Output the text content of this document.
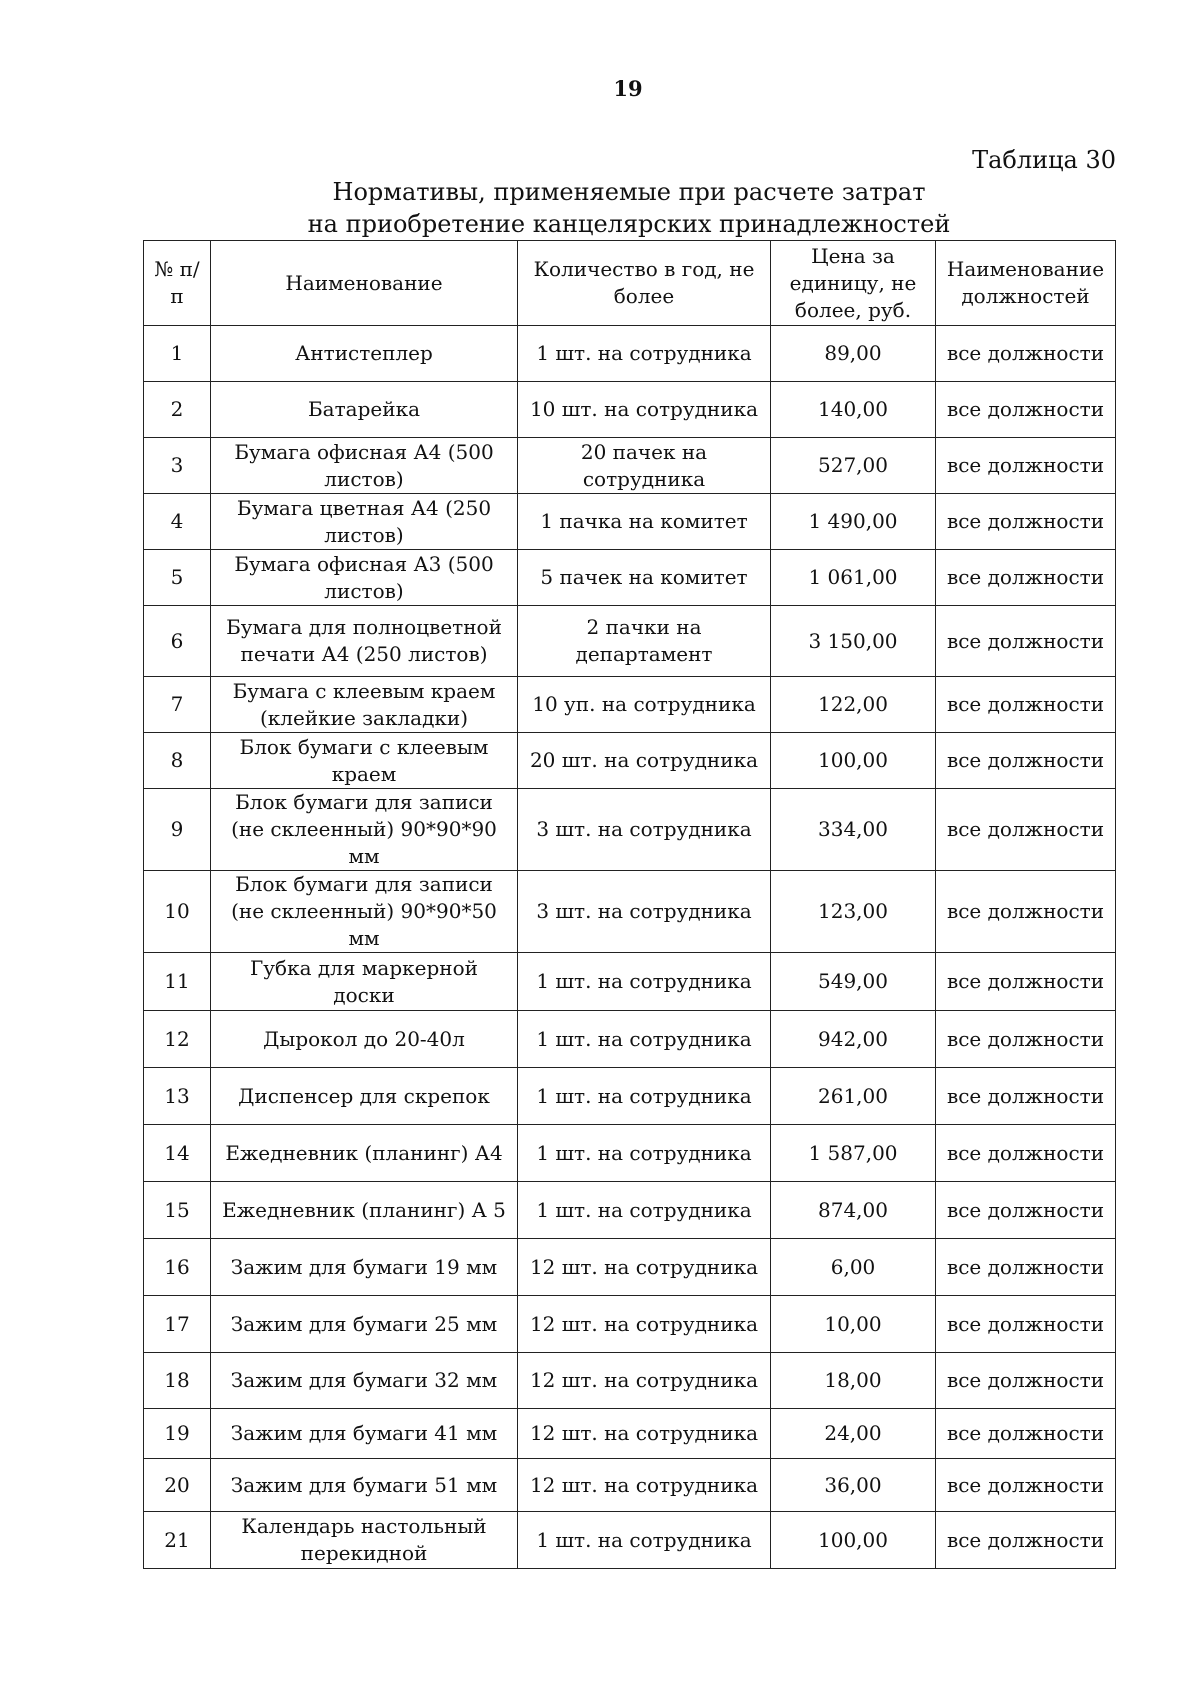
19

Таблица 30

Нормативы, применяемые при расчете затрат
на приобретение канцелярских принадлежностей
№ п/п	Наименование	Количество в год, не более	Цена за единицу, не более, руб.	Наименование должностей
1	Антистеплер	1 шт. на сотрудника	89,00	все должности
2	Батарейка	10 шт. на сотрудника	140,00	все должности
3	Бумага офисная А4 (500 листов)	20 пачек на сотрудника	527,00	все должности
4	Бумага цветная А4 (250 листов)	1 пачка на комитет	1 490,00	все должности
5	Бумага офисная А3 (500 листов)	5 пачек на комитет	1 061,00	все должности
6	Бумага для полноцветной печати А4 (250 листов)	2 пачки на департамент	3 150,00	все должности
7	Бумага с клеевым краем (клейкие закладки)	10 уп. на сотрудника	122,00	все должности
8	Блок бумаги с клеевым краем	20 шт. на сотрудника	100,00	все должности
9	Блок бумаги для записи (не склеенный) 90*90*90 мм	3 шт. на сотрудника	334,00	все должности
10	Блок бумаги для записи (не склеенный) 90*90*50 мм	3 шт. на сотрудника	123,00	все должности
11	Губка для маркерной доски	1 шт. на сотрудника	549,00	все должности
12	Дырокол до 20-40л	1 шт. на сотрудника	942,00	все должности
13	Диспенсер для скрепок	1 шт. на сотрудника	261,00	все должности
14	Ежедневник (планинг) А4	1 шт. на сотрудника	1 587,00	все должности
15	Ежедневник (планинг) А 5	1 шт. на сотрудника	874,00	все должности
16	Зажим для бумаги 19 мм	12 шт. на сотрудника	6,00	все должности
17	Зажим для бумаги 25 мм	12 шт. на сотрудника	10,00	все должности
18	Зажим для бумаги 32 мм	12 шт. на сотрудника	18,00	все должности
19	Зажим для бумаги 41 мм	12 шт. на сотрудника	24,00	все должности
20	Зажим для бумаги 51 мм	12 шт. на сотрудника	36,00	все должности
21	Календарь настольный перекидной	1 шт. на сотрудника	100,00	все должности
